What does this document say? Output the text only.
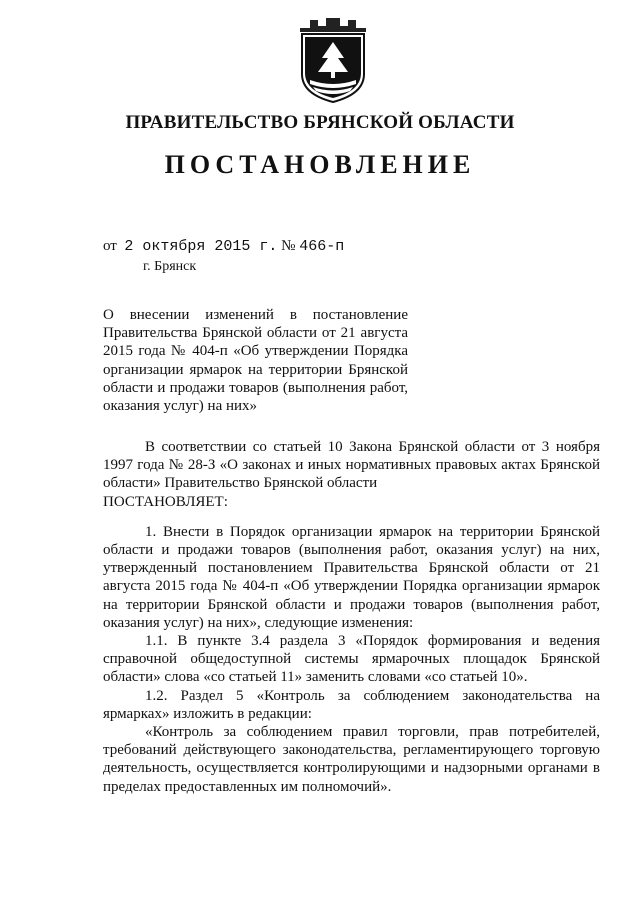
ПРАВИТЕЛЬСТВО БРЯНСКОЙ ОБЛАСТИ
ПОСТАНОВЛЕНИЕ
от 2 октября 2015 г. № 466-п
г. Брянск
О внесении изменений в постановление Правительства Брянской области от 21 августа 2015 года № 404-п «Об утверждении Порядка организации ярмарок на территории Брянской области и продажи товаров (выполнения работ, оказания услуг) на них»

В соответствии со статьей 10 Закона Брянской области от 3 ноября 1997 года № 28-З «О законах и иных нормативных правовых актах Брянской области» Правительство Брянской области

ПОСТАНОВЛЯЕТ:

1. Внести в Порядок организации ярмарок на территории Брянской области и продажи товаров (выполнения работ, оказания услуг) на них, утвержденный постановлением Правительства Брянской области от 21 августа 2015 года № 404-п «Об утверждении Порядка организации ярмарок на территории Брянской области и продажи товаров (выполнения работ, оказания услуг) на них», следующие изменения:

1.1. В пункте 3.4 раздела 3 «Порядок формирования и ведения справочной общедоступной системы ярмарочных площадок Брянской области» слова «со статьей 11» заменить словами «со статьей 10».

1.2. Раздел 5 «Контроль за соблюдением законодательства на ярмарках» изложить в редакции:

«Контроль за соблюдением правил торговли, прав потребителей, требований действующего законодательства, регламентирующего торговую деятельность, осуществляется контролирующими и надзорными органами в пределах предоставленных им полномочий».
